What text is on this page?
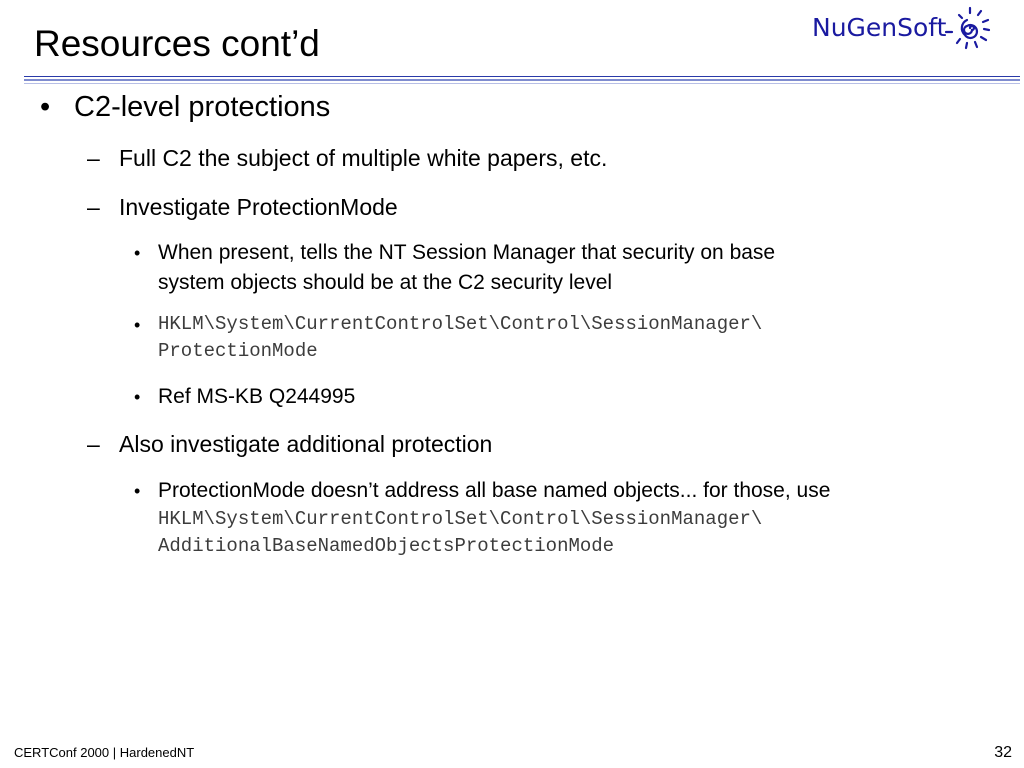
Resources cont’d	NuGenSoft
• C2-level protections
– Full C2 the subject of multiple white papers, etc.
– Investigate ProtectionMode
• When present, tells the NT Session Manager that security on base
system objects should be at the C2 security level
• HKLM\System\CurrentControlSet\Control\SessionManager\
ProtectionMode
• Ref MS-KB Q244995
– Also investigate additional protection
• ProtectionMode doesn’t address all base named objects... for those, use
HKLM\System\CurrentControlSet\Control\SessionManager\
AdditionalBaseNamedObjectsProtectionMode
CERTConf 2000 | HardenedNT	32
